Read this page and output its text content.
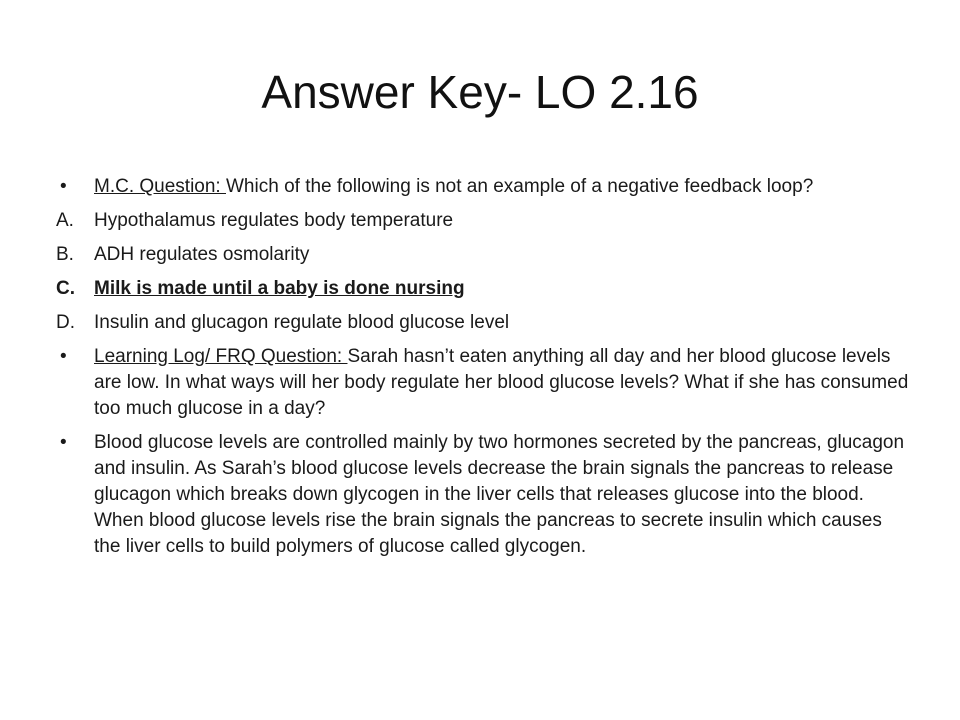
Answer Key- LO 2.16
•	M.C. Question: Which of the following is not an example of a negative feedback loop?
A.	Hypothalamus regulates body temperature
B.	ADH regulates osmolarity
C.	Milk is made until a baby is done nursing
D.	Insulin and glucagon regulate blood glucose level
•	Learning Log/ FRQ Question: Sarah hasn’t eaten anything all day and her blood glucose levels are low. In what ways will her body regulate her blood glucose levels? What if she has consumed too much glucose in a day?
•	Blood glucose levels are controlled mainly by two hormones secreted by the pancreas, glucagon and insulin. As Sarah’s blood glucose levels decrease the brain signals the pancreas to release glucagon which breaks down glycogen in the liver cells that releases glucose into the blood. When blood glucose levels rise the brain signals the pancreas to secrete insulin which causes the liver cells to build polymers of glucose called glycogen.
